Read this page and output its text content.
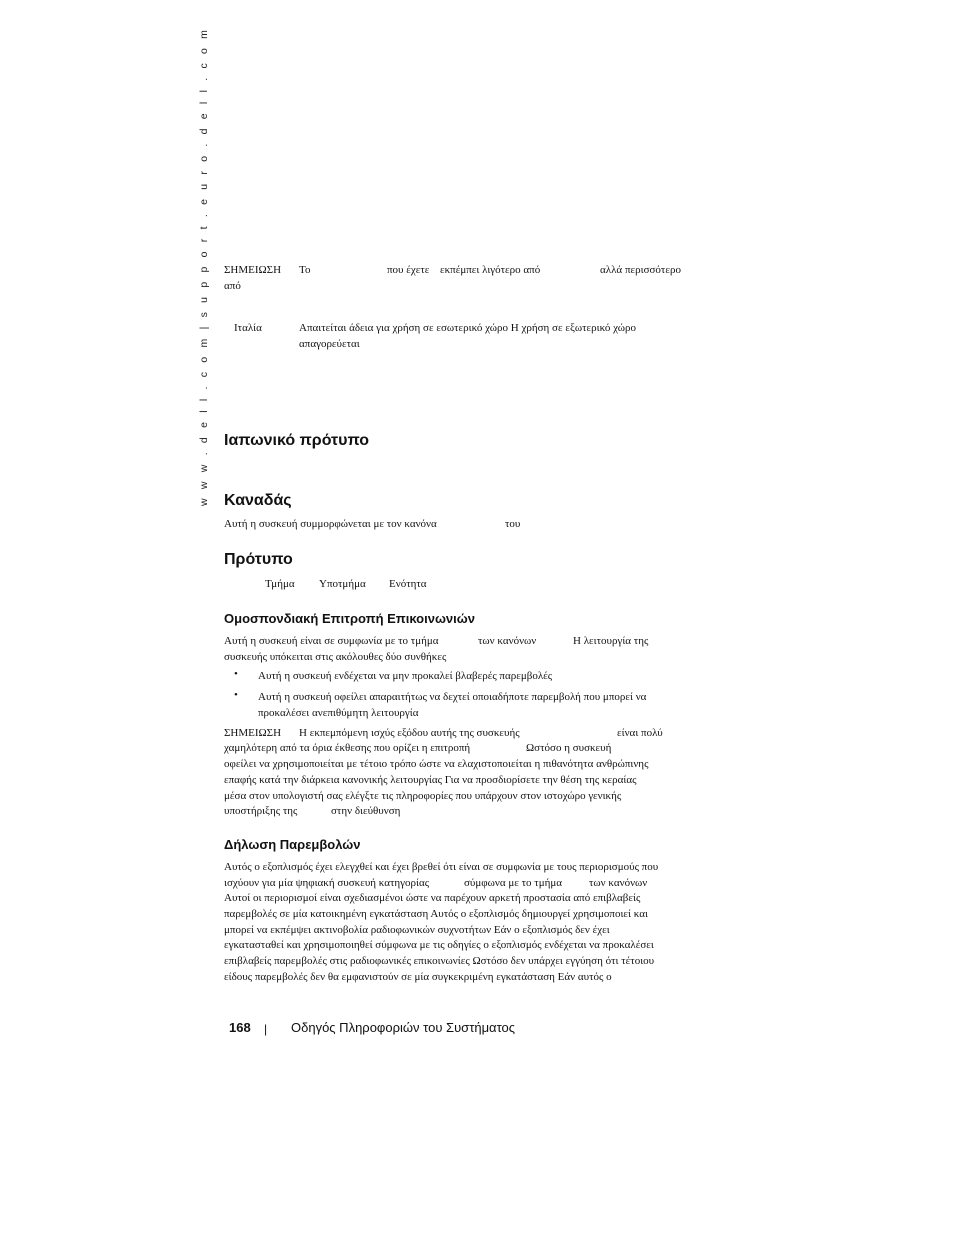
w w w . d e l l . c o m | s u p p o r t . e u r o . d e l l . c o m ΣΗΜΕΙΩΣΗ Το	που έχετε εκπέμπει λιγότερο από	αλλά περισσότερο
από
Ιταλία	Απαιτείται άδεια για χρήση σε εσωτερικό χώρο Η χρήση σε εξωτερικό χώρο
απαγορεύεται
Ιαπωνικό πρότυπο
Καναδάς
Αυτή η συσκευή συμμορφώνεται με τον κανόνα	του
Πρότυπο
Τμήμα Υποτμήμα Ενότητα
Ομοσπονδιακή Επιτροπή Επικοινωνιών
Αυτή η συσκευή είναι σε συμφωνία με το τμήμα	των κανόνων	Η λειτουργία της
συσκευής υπόκειται στις ακόλουθες δύο συνθήκες
• Αυτή η συσκευή ενδέχεται να μην προκαλεί βλαβερές παρεμβολές
• Αυτή η συσκευή οφείλει απαραιτήτως να δεχτεί οποιαδήποτε παρεμβολή που μπορεί να
προκαλέσει ανεπιθύμητη λειτουργία
ΣΗΜΕΙΩΣΗ Η εκπεμπόμενη ισχύς εξόδου αυτής της συσκευής	είναι πολύ
χαμηλότερη από τα όρια έκθεσης που ορίζει η επιτροπή	Ωστόσο η συσκευή
οφείλει να χρησιμοποιείται με τέτοιο τρόπο ώστε να ελαχιστοποιείται η πιθανότητα ανθρώπινης
επαφής κατά την διάρκεια κανονικής λειτουργίας Για να προσδιορίσετε την θέση της κεραίας
μέσα στον υπολογιστή σας ελέγξτε τις πληροφορίες που υπάρχουν στον ιστοχώρο γενικής
υποστήριξης της	στην διεύθυνση
Δήλωση Παρεμβολών
Αυτός ο εξοπλισμός έχει ελεγχθεί και έχει βρεθεί ότι είναι σε συμφωνία με τους περιορισμούς που
ισχύουν για μία ψηφιακή συσκευή κατηγορίας	σύμφωνα με το τμήμα των κανόνων
Αυτοί οι περιορισμοί είναι σχεδιασμένοι ώστε να παρέχουν αρκετή προστασία από επιβλαβείς
παρεμβολές σε μία κατοικημένη εγκατάσταση Αυτός ο εξοπλισμός δημιουργεί χρησιμοποιεί και
μπορεί να εκπέμψει ακτινοβολία ραδιοφωνικών συχνοτήτων Εάν ο εξοπλισμός δεν έχει
εγκατασταθεί και χρησιμοποιηθεί σύμφωνα με τις οδηγίες ο εξοπλισμός ενδέχεται να προκαλέσει
επιβλαβείς παρεμβολές στις ραδιοφωνικές επικοινωνίες Ωστόσο δεν υπάρχει εγγύηση ότι τέτοιου
είδους παρεμβολές δεν θα εμφανιστούν σε μία συγκεκριμένη εγκατάσταση Εάν αυτός ο
168 | Οδηγός Πληροφοριών του Συστήματος
